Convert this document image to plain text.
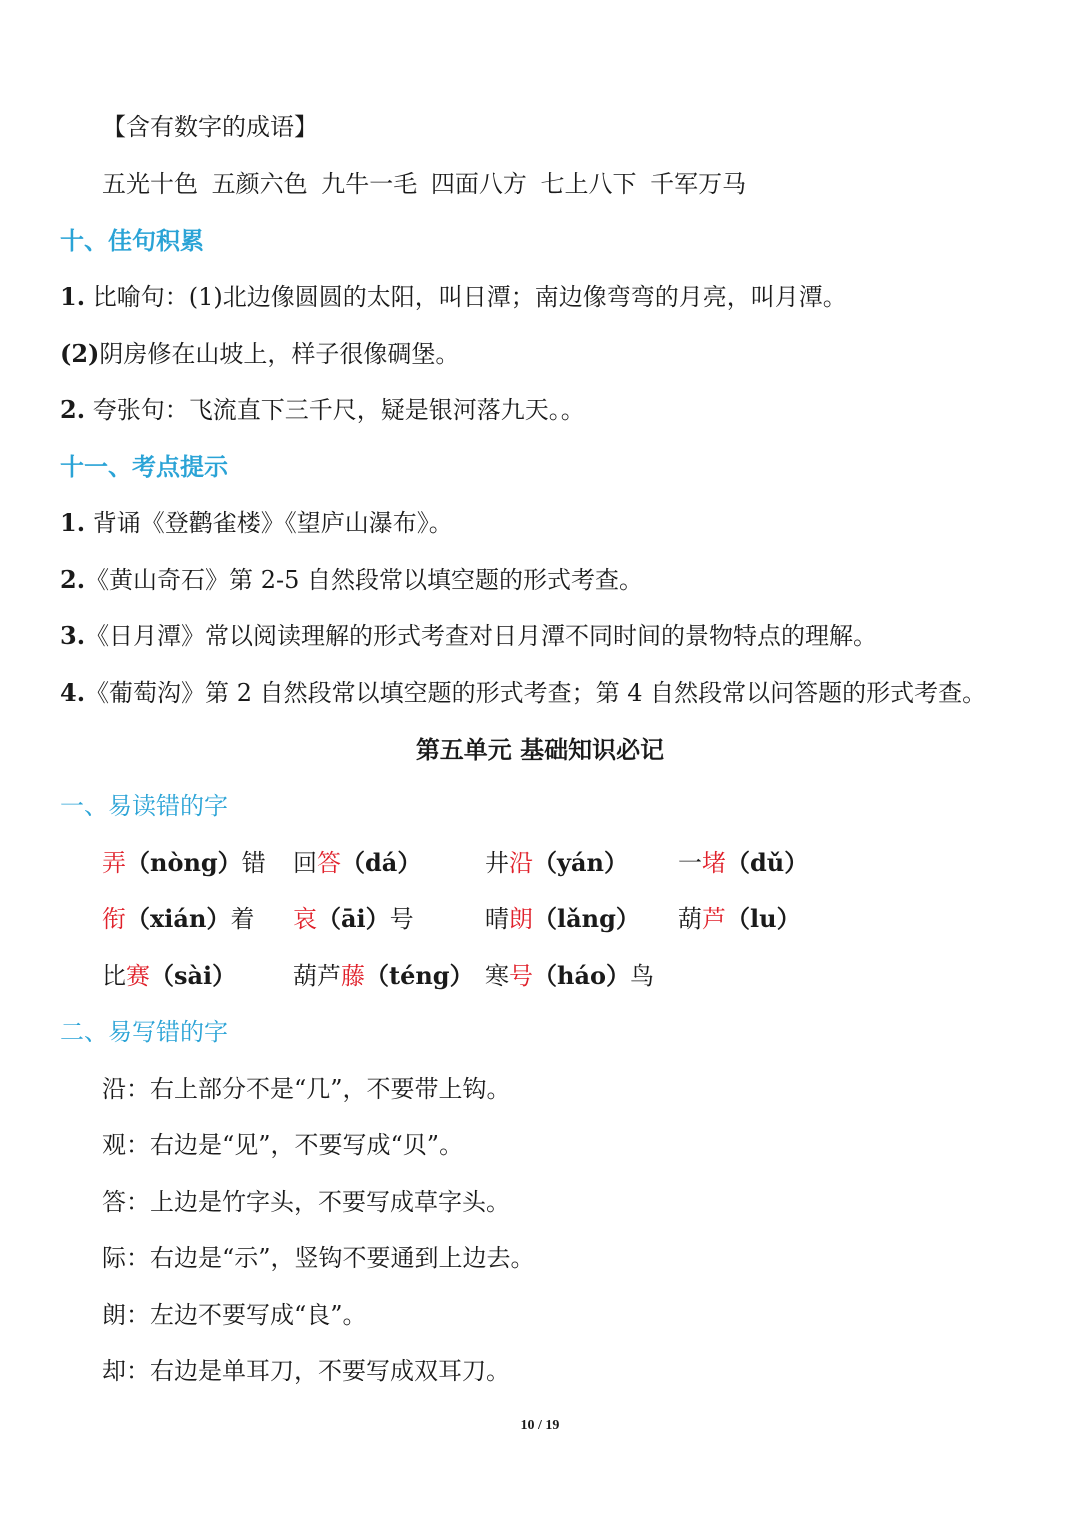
【含有数字的成语】
五光十色 五颜六色 九牛一毛 四面八方 七上八下 千军万马
十、佳句积累
1. 比喻句：(1)北边像圆圆的太阳，叫日潭；南边像弯弯的月亮，叫月潭。
(2)阴房修在山坡上，样子很像碉堡。
2. 夸张句：飞流直下三千尺，疑是银河落九天。。
十一、考点提示
1. 背诵《登鹳雀楼》《望庐山瀑布》。
2.《黄山奇石》第 2-5 自然段常以填空题的形式考查。
3.《日月潭》常以阅读理解的形式考查对日月潭不同时间的景物特点的理解。
4.《葡萄沟》第 2 自然段常以填空题的形式考查；第 4 自然段常以问答题的形式考查。
第五单元 基础知识必记
一、易读错的字
弄（nòng）错 回答（dá）	井沿（yán） 一堵（dǔ）
衔（xián）着 哀（āi）号	晴朗（lǎng） 葫芦（lu）
比赛（sài） 葫芦藤（téng） 寒号（háo）鸟
二、易写错的字
沿：右上部分不是“几”，不要带上钩。
观：右边是“见”，不要写成“贝”。
答：上边是竹字头，不要写成草字头。
际：右边是“示”，竖钩不要通到上边去。
朗：左边不要写成“良”。
却：右边是单耳刀，不要写成双耳刀。
10 / 19
